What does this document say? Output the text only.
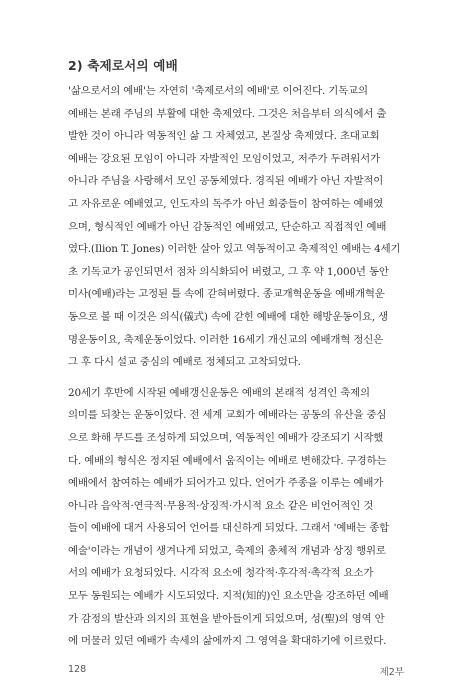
2) 축제로서의 예배
'삶으로서의 예배'는 자연히 '축제로서의 예배'로 이어진다. 기독교의
예배는 본래 주님의 부활에 대한 축제였다. 그것은 처음부터 의식에서 출
발한 것이 아니라 역동적인 삶 그 자체였고, 본질상 축제였다. 초대교회
예배는 강요된 모임이 아니라 자발적인 모임이었고, 저주가 두려워서가
아니라 주님을 사랑해서 모인 공동체였다. 경직된 예배가 아닌 자발적이
고 자유로운 예배였고, 인도자의 독주가 아닌 회중들이 참여하는 예배였
으며, 형식적인 예배가 아닌 감동적인 예배였고, 단순하고 직접적인 예배
였다.(Ilion T. Jones) 이러한 살아 있고 역동적이고 축제적인 예배는 4세기
초 기독교가 공인되면서 점차 의식화되어 버렸고, 그 후 약 1,000년 동안
미사(예배)라는 고정된 틀 속에 갇혀버렸다. 종교개혁운동을 예배개혁운
동으로 볼 때 이것은 의식(儀式) 속에 갇힌 예배에 대한 해방운동이요, 생
명운동이요, 축제운동이었다. 이러한 16세기 개신교의 예배개혁 정신은
그 후 다시 설교 중심의 예배로 정체되고 고착되었다.
20세기 후반에 시작된 예배갱신운동은 예배의 본래적 성격인 축제의
의미를 되찾는 운동이었다. 전 세계 교회가 예배라는 공동의 유산을 중심
으로 화해 무드를 조성하게 되었으며, 역동적인 예배가 강조되기 시작했
다. 예배의 형식은 정지된 예배에서 움직이는 예배로 변해갔다. 구경하는
예배에서 참여하는 예배가 되어가고 있다. 언어가 주종을 이루는 예배가
아니라 음악적·연극적·무용적·상징적·가시적 요소 같은 비언어적인 것
들이 예배에 대거 사용되어 언어를 대신하게 되었다. 그래서 '예배는 종합
예술'이라는 개념이 생겨나게 되었고, 축제의 총체적 개념과 상징 행위로
서의 예배가 요청되었다. 시각적 요소에 청각적·후각적·촉각적 요소가
모두 동원되는 예배가 시도되었다. 지적(知的)인 요소만을 강조하던 예배
가 감정의 발산과 의지의 표현을 받아들이게 되었으며, 성(聖)의 영역 안
에 머물러 있던 예배가 속세의 삶에까지 그 영역을 확대하기에 이르렀다.
128	제2부
